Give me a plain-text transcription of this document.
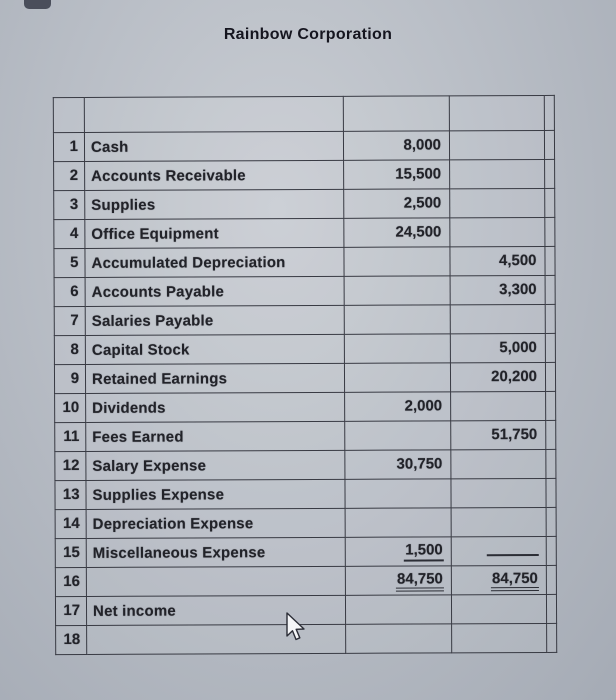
Rainbow Corporation

1	Cash	8,000		
2	Accounts Receivable	15,500		
3	Supplies	2,500		
4	Office Equipment	24,500		
5	Accumulated Depreciation		4,500	
6	Accounts Payable		3,300	
7	Salaries Payable			
8	Capital Stock		5,000	
9	Retained Earnings		20,200	
10	Dividends	2,000		
11	Fees Earned		51,750	
12	Salary Expense	30,750		
13	Supplies Expense			
14	Depreciation Expense			
15	Miscellaneous Expense	1,500		
16		84,750	84,750	
17	Net income			
18				
